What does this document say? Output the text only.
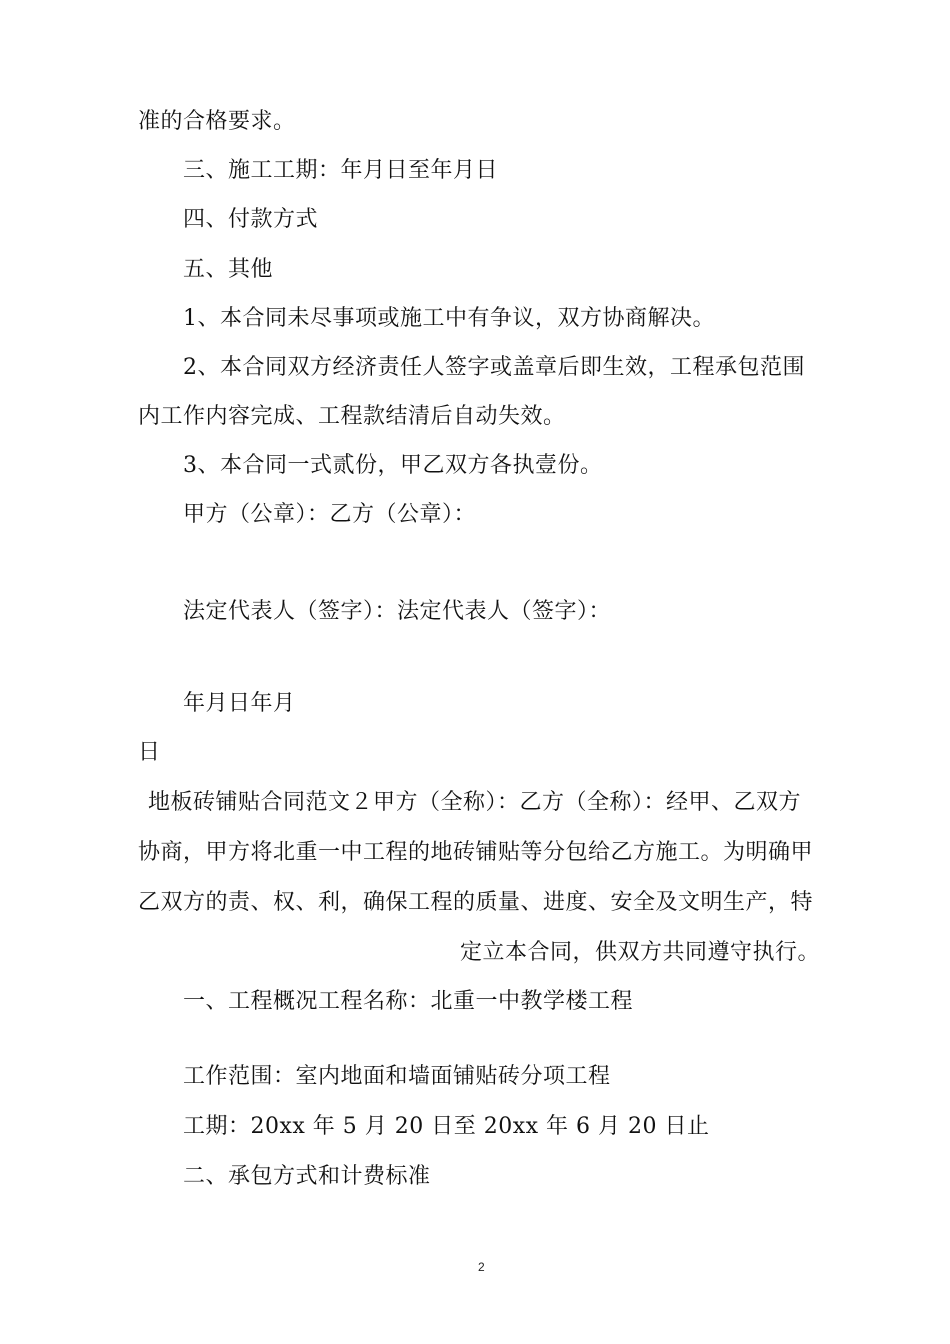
准的合格要求。
三、施工工期：年月日至年月日
四、付款方式
五、其他
1、本合同未尽事项或施工中有争议，双方协商解决。
2、本合同双方经济责任人签字或盖章后即生效，工程承包范围
内工作内容完成、工程款结清后自动失效。
3、本合同一式贰份，甲乙双方各执壹份。
甲方（公章）：乙方（公章）：
法定代表人（签字）：法定代表人（签字）：
年月日年月
日
地板砖铺贴合同范文２甲方（全称）：乙方（全称）：经甲、乙双方
协商，甲方将北重一中工程的地砖铺贴等分包给乙方施工。为明确甲
乙双方的责、权、利，确保工程的质量、进度、安全及文明生产，特
定立本合同，供双方共同遵守执行。
一、工程概况工程名称：北重一中教学楼工程
工作范围：室内地面和墙面铺贴砖分项工程
工期：20xx 年 5 月 20 日至 20xx 年 6 月 20 日止
二、承包方式和计费标准
2
